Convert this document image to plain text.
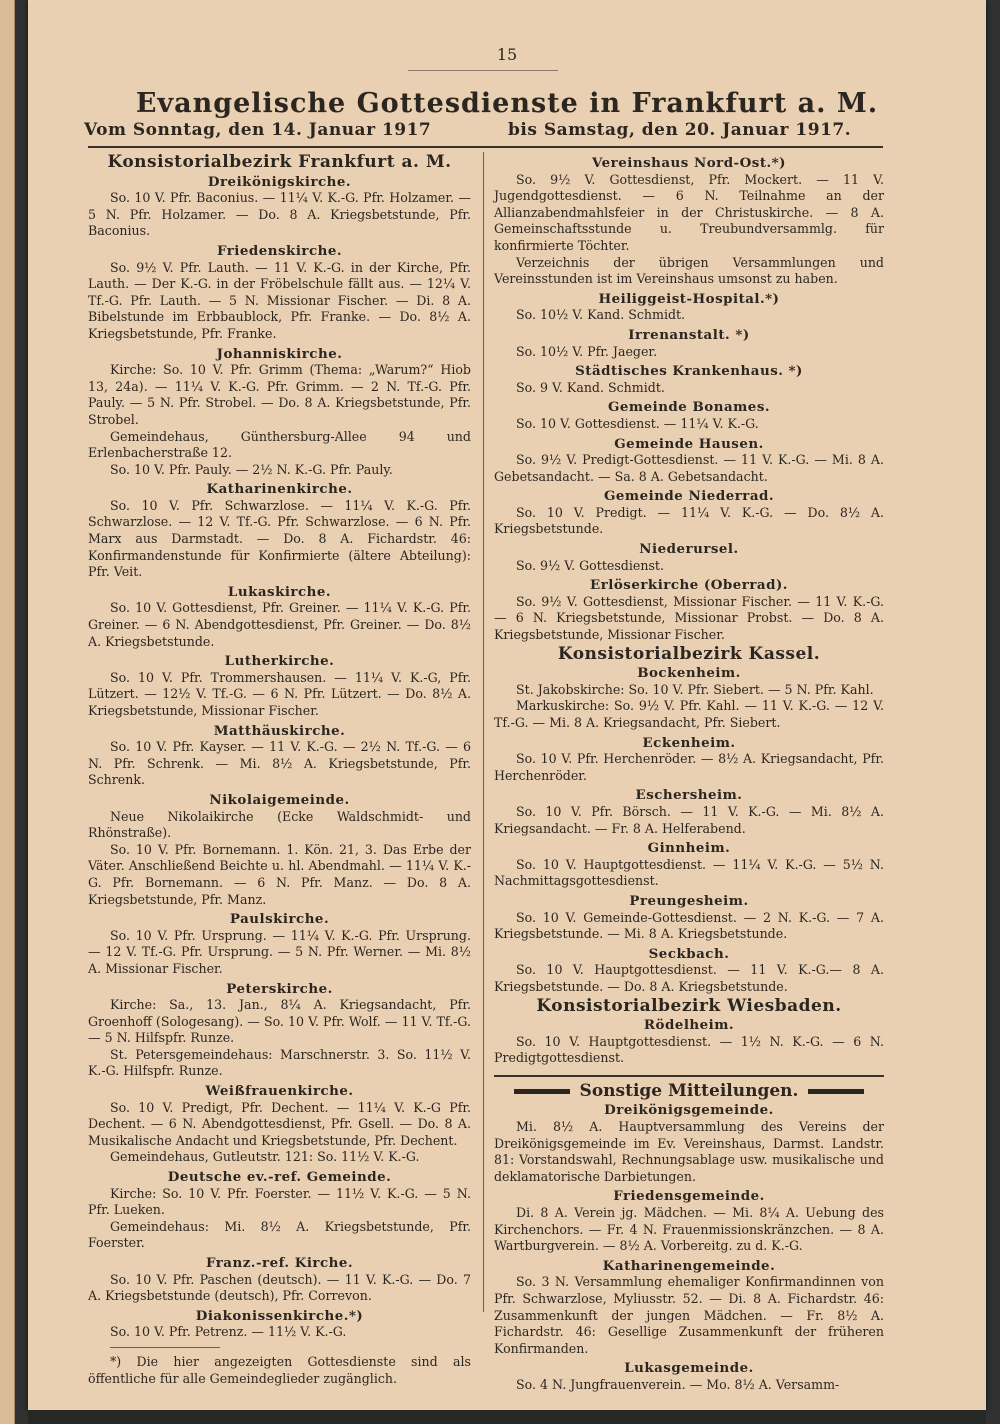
15
Evangelische Gottesdienste in Frankfurt a. M.
Vom Sonntag, den 14. Januar 1917	bis Samstag, den 20. Januar 1917.
Konsistorialbezirk Frankfurt a. M.
Dreikönigskirche.
So. 10 V. Pfr. Baconius. — 11¼ V. K.-G. Pfr. Holzamer. — 5 N. Pfr. Holzamer. — Do. 8 A. Kriegsbetstunde, Pfr. Baconius.
Friedenskirche.
So. 9½ V. Pfr. Lauth. — 11 V. K.-G. in der Kirche, Pfr. Lauth. — Der K.-G. in der Fröbelschule fällt aus. — 12¼ V. Tf.-G. Pfr. Lauth. — 5 N. Missionar Fischer. — Di. 8 A. Bibelstunde im Erbbaublock, Pfr. Franke. — Do. 8½ A. Kriegsbetstunde, Pfr. Franke.
Johanniskirche.
Kirche: So. 10 V. Pfr. Grimm (Thema: „Warum?“ Hiob 13, 24a). — 11¼ V. K.-G. Pfr. Grimm. — 2 N. Tf.-G. Pfr. Pauly. — 5 N. Pfr. Strobel. — Do. 8 A. Kriegsbetstunde, Pfr. Strobel.
Gemeindehaus, Günthersburg-Allee 94 und Erlenbacherstraße 12.
So. 10 V. Pfr. Pauly. — 2½ N. K.-G. Pfr. Pauly.
Katharinenkirche.
So. 10 V. Pfr. Schwarzlose. — 11¼ V. K.-G. Pfr. Schwarzlose. — 12 V. Tf.-G. Pfr. Schwarzlose. — 6 N. Pfr. Marx aus Darmstadt. — Do. 8 A. Fichardstr. 46: Konfirmandenstunde für Konfirmierte (ältere Abteilung): Pfr. Veit.
Lukaskirche.
So. 10 V. Gottesdienst, Pfr. Greiner. — 11¼ V. K.-G. Pfr. Greiner. — 6 N. Abendgottesdienst, Pfr. Greiner. — Do. 8½ A. Kriegsbetstunde.
Lutherkirche.
So. 10 V. Pfr. Trommershausen. — 11¼ V. K.-G, Pfr. Lützert. — 12½ V. Tf.-G. — 6 N. Pfr. Lützert. — Do. 8½ A. Kriegsbetstunde, Missionar Fischer.
Matthäuskirche.
So. 10 V. Pfr. Kayser. — 11 V. K.-G. — 2½ N. Tf.-G. — 6 N. Pfr. Schrenk. — Mi. 8½ A. Kriegsbetstunde, Pfr. Schrenk.
Nikolaigemeinde.
Neue Nikolaikirche (Ecke Waldschmidt- und Rhönstraße).
So. 10 V. Pfr. Bornemann. 1. Kön. 21, 3. Das Erbe der Väter. Anschließend Beichte u. hl. Abendmahl. — 11¼ V. K.-G. Pfr. Bornemann. — 6 N. Pfr. Manz. — Do. 8 A. Kriegsbetstunde, Pfr. Manz.
Paulskirche.
So. 10 V. Pfr. Ursprung. — 11¼ V. K.-G. Pfr. Ursprung. — 12 V. Tf.-G. Pfr. Ursprung. — 5 N. Pfr. Werner. — Mi. 8½ A. Missionar Fischer.
Peterskirche.
Kirche: Sa., 13. Jan., 8¼ A. Kriegsandacht, Pfr. Groenhoff (Sologesang). — So. 10 V. Pfr. Wolf. — 11 V. Tf.-G. — 5 N. Hilfspfr. Runze.
St. Petersgemeindehaus: Marschnerstr. 3. So. 11½ V. K.-G. Hilfspfr. Runze.
Weißfrauenkirche.
So. 10 V. Predigt, Pfr. Dechent. — 11¼ V. K.-G Pfr. Dechent. — 6 N. Abendgottesdienst, Pfr. Gsell. — Do. 8 A. Musikalische Andacht und Kriegsbetstunde, Pfr. Dechent.
Gemeindehaus, Gutleutstr. 121: So. 11½ V. K.-G.
Deutsche ev.-ref. Gemeinde.
Kirche: So. 10 V. Pfr. Foerster. — 11½ V. K.-G. — 5 N. Pfr. Lueken.
Gemeindehaus: Mi. 8½ A. Kriegsbetstunde, Pfr. Foerster.
Franz.-ref. Kirche.
So. 10 V. Pfr. Paschen (deutsch). — 11 V. K.-G. — Do. 7 A. Kriegsbetstunde (deutsch), Pfr. Correvon.
Diakonissenkirche.*)
So. 10 V. Pfr. Petrenz. — 11½ V. K.-G.
*) Die hier angezeigten Gottesdienste sind als öffentliche für alle Gemeindeglieder zugänglich.
Vereinshaus Nord-Ost.*)
So. 9½ V. Gottesdienst, Pfr. Mockert. — 11 V. Jugendgottesdienst. — 6 N. Teilnahme an der Allianzabendmahlsfeier in der Christuskirche. — 8 A. Gemeinschaftsstunde u. Treubundversammlg. für konfirmierte Töchter.
Verzeichnis der übrigen Versammlungen und Vereinsstunden ist im Vereinshaus umsonst zu haben.
Heiliggeist-Hospital.*)
So. 10½ V. Kand. Schmidt.
Irrenanstalt. *)
So. 10½ V. Pfr. Jaeger.
Städtisches Krankenhaus. *)
So. 9 V. Kand. Schmidt.
Gemeinde Bonames.
So. 10 V. Gottesdienst. — 11¼ V. K.-G.
Gemeinde Hausen.
So. 9½ V. Predigt-Gottesdienst. — 11 V. K.-G. — Mi. 8 A. Gebetsandacht. — Sa. 8 A. Gebetsandacht.
Gemeinde Niederrad.
So. 10 V. Predigt. — 11¼ V. K.-G. — Do. 8½ A. Kriegsbetstunde.
Niederursel.
So. 9½ V. Gottesdienst.
Erlöserkirche (Oberrad).
So. 9½ V. Gottesdienst, Missionar Fischer. — 11 V. K.-G. — 6 N. Kriegsbetstunde, Missionar Probst. — Do. 8 A. Kriegsbetstunde, Missionar Fischer.
Konsistorialbezirk Kassel.
Bockenheim.
St. Jakobskirche: So. 10 V. Pfr. Siebert. — 5 N. Pfr. Kahl.
Markuskirche: So. 9½ V. Pfr. Kahl. — 11 V. K.-G. — 12 V. Tf.-G. — Mi. 8 A. Kriegsandacht, Pfr. Siebert.
Eckenheim.
So. 10 V. Pfr. Herchenröder. — 8½ A. Kriegsandacht, Pfr. Herchenröder.
Eschersheim.
So. 10 V. Pfr. Börsch. — 11 V. K.-G. — Mi. 8½ A. Kriegsandacht. — Fr. 8 A. Helferabend.
Ginnheim.
So. 10 V. Hauptgottesdienst. — 11¼ V. K.-G. — 5½ N. Nachmittagsgottesdienst.
Preungesheim.
So. 10 V. Gemeinde-Gottesdienst. — 2 N. K.-G. — 7 A. Kriegsbetstunde. — Mi. 8 A. Kriegsbetstunde.
Seckbach.
So. 10 V. Hauptgottesdienst. — 11 V. K.-G.— 8 A. Kriegsbetstunde. — Do. 8 A. Kriegsbetstunde.
Konsistorialbezirk Wiesbaden.
Rödelheim.
So. 10 V. Hauptgottesdienst. — 1½ N. K.-G. — 6 N. Predigtgottesdienst.
Sonstige Mitteilungen.
Dreikönigsgemeinde.
Mi. 8½ A. Hauptversammlung des Vereins der Dreikönigsgemeinde im Ev. Vereinshaus, Darmst. Landstr. 81: Vorstandswahl, Rechnungsablage usw. musikalische und deklamatorische Darbietungen.
Friedensgemeinde.
Di. 8 A. Verein jg. Mädchen. — Mi. 8¼ A. Uebung des Kirchenchors. — Fr. 4 N. Frauenmissionskränzchen. — 8 A. Wartburgverein. — 8½ A. Vorbereitg. zu d. K.-G.
Katharinengemeinde.
So. 3 N. Versammlung ehemaliger Konfirmandinnen von Pfr. Schwarzlose, Myliusstr. 52. — Di. 8 A. Fichardstr. 46: Zusammenkunft der jungen Mädchen. — Fr. 8½ A. Fichardstr. 46: Gesellige Zusammenkunft der früheren Konfirmanden.
Lukasgemeinde.
So. 4 N. Jungfrauenverein. — Mo. 8½ A. Versamm-
